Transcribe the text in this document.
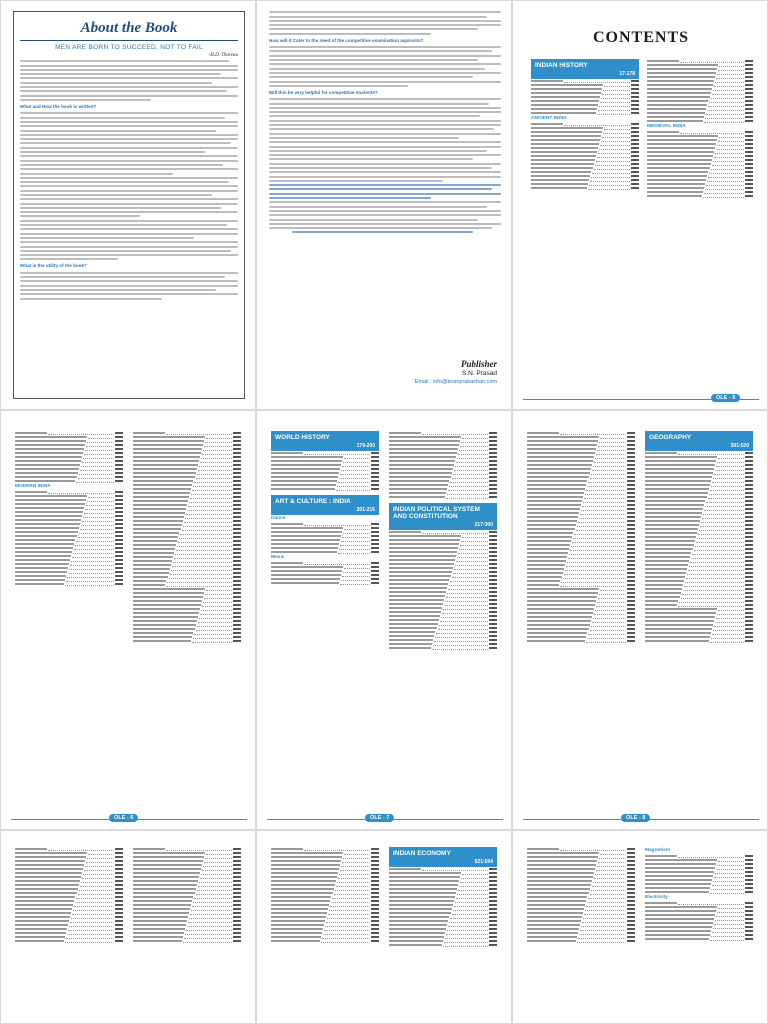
About the Book
MEN ARE BORN TO SUCCEED, NOT TO FAIL
-H.D. Thoreau
What and How the book is written?
What is the utility of the book?
How will it Cater to the need of the competitive examination aspirants?
Will this be very helpful for competitive students?
Publisher
S.N. Prasad
Email : info@kiranprakashan.com
CONTENTS
INDIAN HISTORY
17-178
ANCIENT INDIA
MEDIEVAL INDIA
OLE - 5
MODERN INDIA
OLE - 6
WORLD HISTORY
179-200
ART & CULTURE : INDIA
201-216
Dance
Music
INDIAN POLITICAL SYSTEM AND CONSTITUTION
217-300
OLE - 7
GEOGRAPHY
301-520
OLE - 8
INDIAN ECONOMY
521-594
Magnetism
Electricity
